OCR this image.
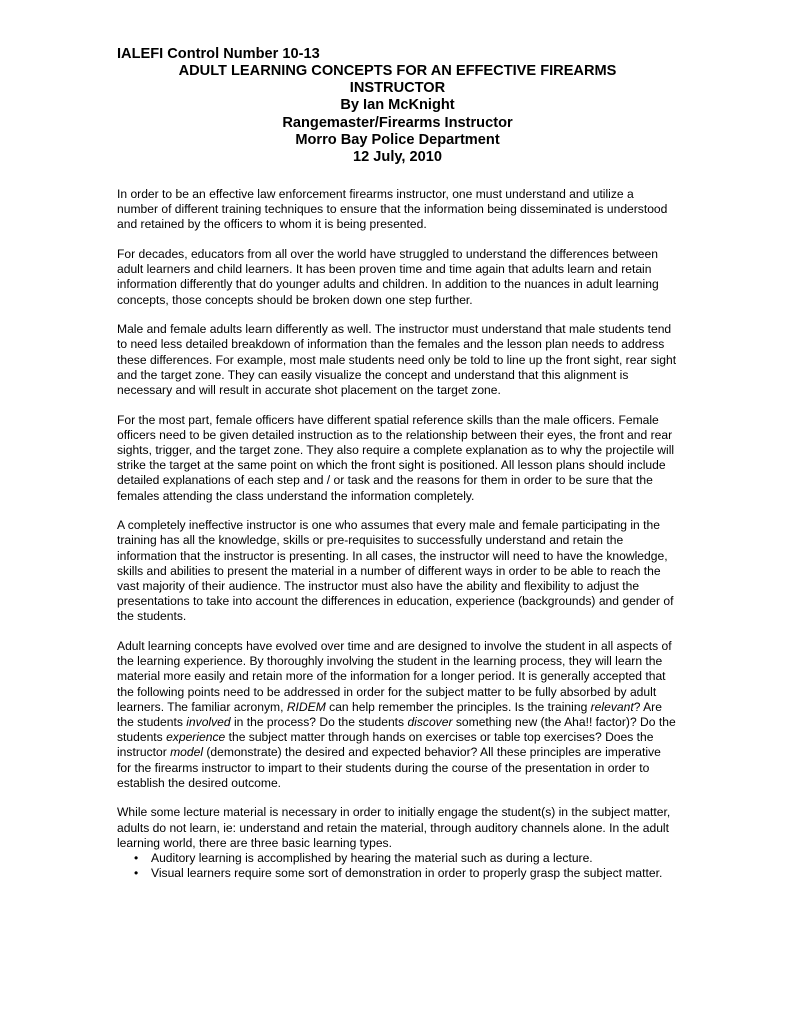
IALEFI Control Number 10-13
ADULT LEARNING CONCEPTS FOR AN EFFECTIVE FIREARMS
INSTRUCTOR
By Ian McKnight
Rangemaster/Firearms Instructor
Morro Bay Police Department
12 July, 2010

In order to be an effective law enforcement firearms instructor, one must understand and utilize a number of different training techniques to ensure that the information being disseminated is understood and retained by the officers to whom it is being presented.

For decades, educators from all over the world have struggled to understand the differences between adult learners and child learners. It has been proven time and time again that adults learn and retain information differently that do younger adults and children. In addition to the nuances in adult learning concepts, those concepts should be broken down one step further.

Male and female adults learn differently as well. The instructor must understand that male students tend to need less detailed breakdown of information than the females and the lesson plan needs to address these differences. For example, most male students need only be told to line up the front sight, rear sight and the target zone. They can easily visualize the concept and understand that this alignment is necessary and will result in accurate shot placement on the target zone.

For the most part, female officers have different spatial reference skills than the male officers. Female officers need to be given detailed instruction as to the relationship between their eyes, the front and rear sights, trigger, and the target zone. They also require a complete explanation as to why the projectile will strike the target at the same point on which the front sight is positioned. All lesson plans should include detailed explanations of each step and / or task and the reasons for them in order to be sure that the females attending the class understand the information completely.

A completely ineffective instructor is one who assumes that every male and female participating in the training has all the knowledge, skills or pre-requisites to successfully understand and retain the information that the instructor is presenting. In all cases, the instructor will need to have the knowledge, skills and abilities to present the material in a number of different ways in order to be able to reach the vast majority of their audience. The instructor must also have the ability and flexibility to adjust the presentations to take into account the differences in education, experience (backgrounds) and gender of the students.

Adult learning concepts have evolved over time and are designed to involve the student in all aspects of the learning experience. By thoroughly involving the student in the learning process, they will learn the material more easily and retain more of the information for a longer period. It is generally accepted that the following points need to be addressed in order for the subject matter to be fully absorbed by adult learners. The familiar acronym, RIDEM can help remember the principles. Is the training relevant? Are the students involved in the process? Do the students discover something new (the Aha!! factor)? Do the students experience the subject matter through hands on exercises or table top exercises? Does the instructor model (demonstrate) the desired and expected behavior? All these principles are imperative for the firearms instructor to impart to their students during the course of the presentation in order to establish the desired outcome.

While some lecture material is necessary in order to initially engage the student(s) in the subject matter, adults do not learn, ie: understand and retain the material, through auditory channels alone. In the adult learning world, there are three basic learning types.

• Auditory learning is accomplished by hearing the material such as during a lecture.
• Visual learners require some sort of demonstration in order to properly grasp the subject matter.
